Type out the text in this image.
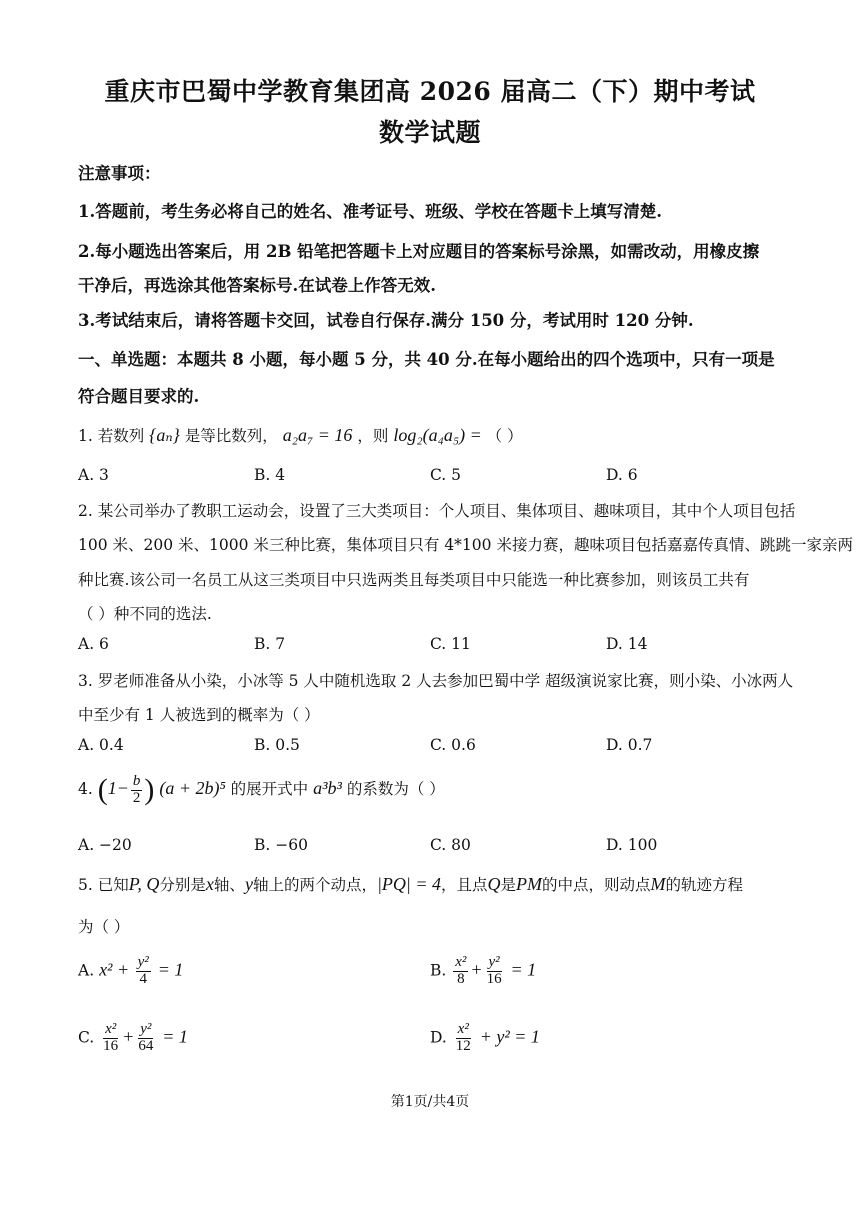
重庆市巴蜀中学教育集团高 2026 届高二（下）期中考试
数学试题
注意事项：
1.答题前，考生务必将自己的姓名、准考证号、班级、学校在答题卡上填写清楚.
2.每小题选出答案后，用 2B 铅笔把答题卡上对应题目的答案标号涂黑，如需改动，用橡皮擦
干净后，再选涂其他答案标号.在试卷上作答无效.
3.考试结束后，请将答题卡交回，试卷自行保存.满分 150 分，考试用时 120 分钟.
一、单选题：本题共 8 小题，每小题 5 分，共 40 分.在每小题给出的四个选项中，只有一项是
符合题目要求的.
1. 若数列 {aₙ} 是等比数列， a₂a₇ = 16 ，则 log₂(a₄a₅) = （ ）
A. 3	B. 4	C. 5	D. 6
2. 某公司举办了教职工运动会，设置了三大类项目：个人项目、集体项目、趣味项目，其中个人项目包括
100 米、200 米、1000 米三种比赛，集体项目只有 4*100 米接力赛，趣味项目包括嘉嘉传真情、跳跳一家亲两
种比赛.该公司一名员工从这三类项目中只选两类且每类项目中只能选一种比赛参加，则该员工共有
（ ）种不同的选法.
A. 6	B. 7	C. 11	D. 14
3. 罗老师准备从小染，小冰等 5 人中随机选取 2 人去参加巴蜀中学 超级演说家比赛，则小染、小冰两人
中至少有 1 人被选到的概率为（ ）
A. 0.4	B. 0.5	C. 0.6	D. 0.7
4. ($1- \frac{b}{2}$ ) (a + 2b)⁵ 的展开式中 a³b³ 的系数为（ ）
A. −20	B. −60	C. 80	D. 100
5. 已知P, Q分别是x轴、y轴上的两个动点，|PQ| = 4，且点Q是PM的中点，则动点M的轨迹方程
为（ ）
A. $x^2 + \frac{\text{y²}}{4} = 1$	B. $\frac{\text{x²}}{8} + \frac{\text{y²}}{16} = 1$
C. $\frac{\text{x²}}{16} + \frac{\text{y²}}{64} = 1$	D. $\frac{\text{x²}}{12} + y^2 = 1$
第1页/共4页
